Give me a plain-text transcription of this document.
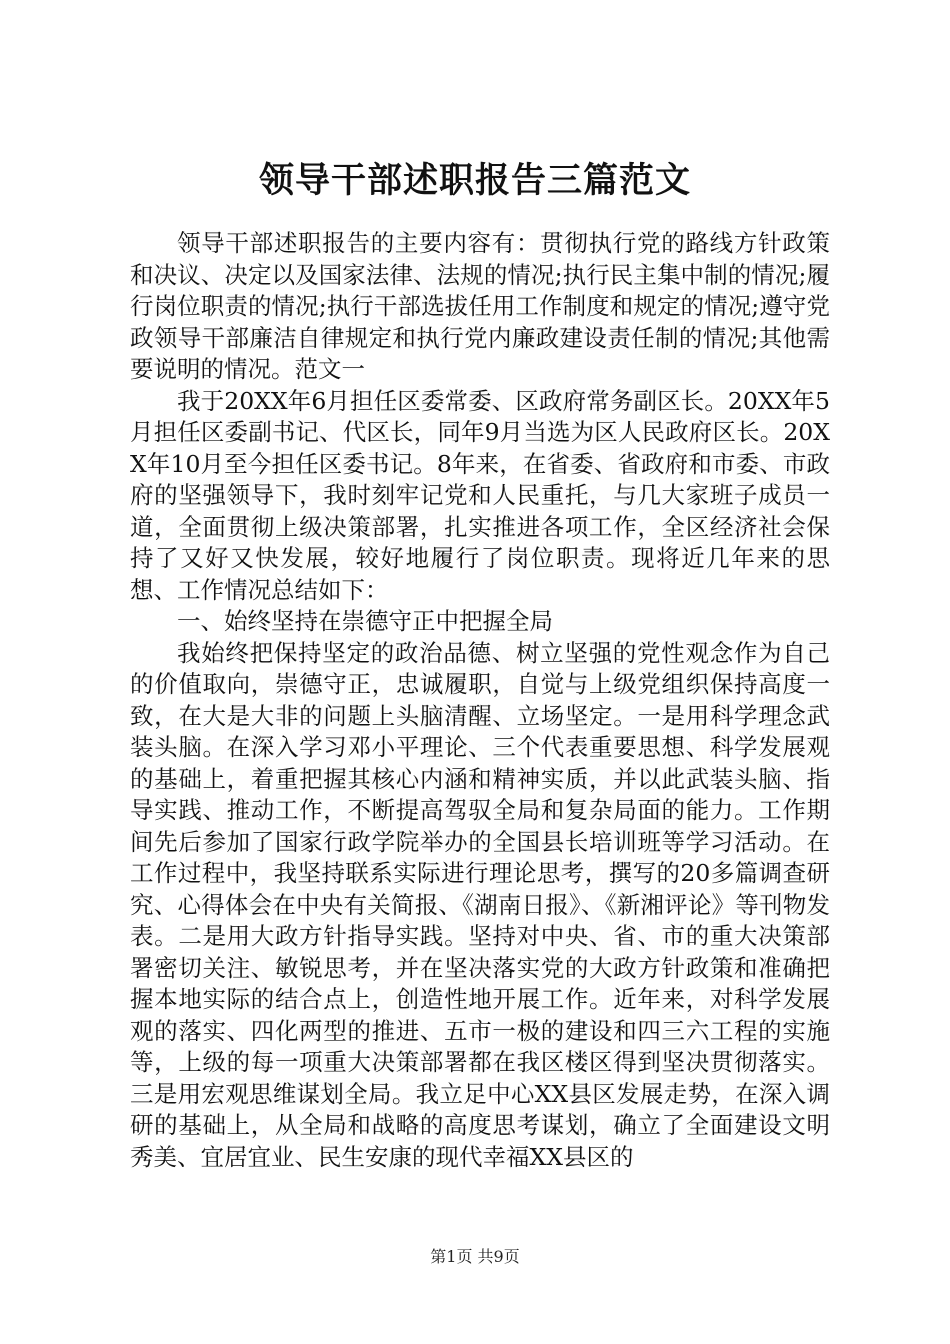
领导干部述职报告三篇范文

领导干部述职报告的主要内容有：贯彻执行党的路线方针政策和决议、决定以及国家法律、法规的情况;执行民主集中制的情况;履行岗位职责的情况;执行干部选拔任用工作制度和规定的情况;遵守党政领导干部廉洁自律规定和执行党内廉政建设责任制的情况;其他需要说明的情况。范文一

我于20XX年6月担任区委常委、区政府常务副区长。20XX年5月担任区委副书记、代区长，同年9月当选为区人民政府区长。20XX年10月至今担任区委书记。8年来，在省委、省政府和市委、市政府的坚强领导下，我时刻牢记党和人民重托，与几大家班子成员一道，全面贯彻上级决策部署，扎实推进各项工作，全区经济社会保持了又好又快发展，较好地履行了岗位职责。现将近几年来的思想、工作情况总结如下：

一、始终坚持在崇德守正中把握全局

我始终把保持坚定的政治品德、树立坚强的党性观念作为自己的价值取向，崇德守正，忠诚履职，自觉与上级党组织保持高度一致，在大是大非的问题上头脑清醒、立场坚定。一是用科学理念武装头脑。在深入学习邓小平理论、三个代表重要思想、科学发展观的基础上，着重把握其核心内涵和精神实质，并以此武装头脑、指导实践、推动工作，不断提高驾驭全局和复杂局面的能力。工作期间先后参加了国家行政学院举办的全国县长培训班等学习活动。在工作过程中，我坚持联系实际进行理论思考，撰写的20多篇调查研究、心得体会在中央有关简报、《湖南日报》、《新湘评论》等刊物发表。二是用大政方针指导实践。坚持对中央、省、市的重大决策部署密切关注、敏锐思考，并在坚决落实党的大政方针政策和准确把握本地实际的结合点上，创造性地开展工作。近年来，对科学发展观的落实、四化两型的推进、五市一极的建设和四三六工程的实施等，上级的每一项重大决策部署都在我区楼区得到坚决贯彻落实。三是用宏观思维谋划全局。我立足中心XX县区发展走势，在深入调研的基础上，从全局和战略的高度思考谋划，确立了全面建设文明秀美、宜居宜业、民生安康的现代幸福XX县区的

第1页 共9页
